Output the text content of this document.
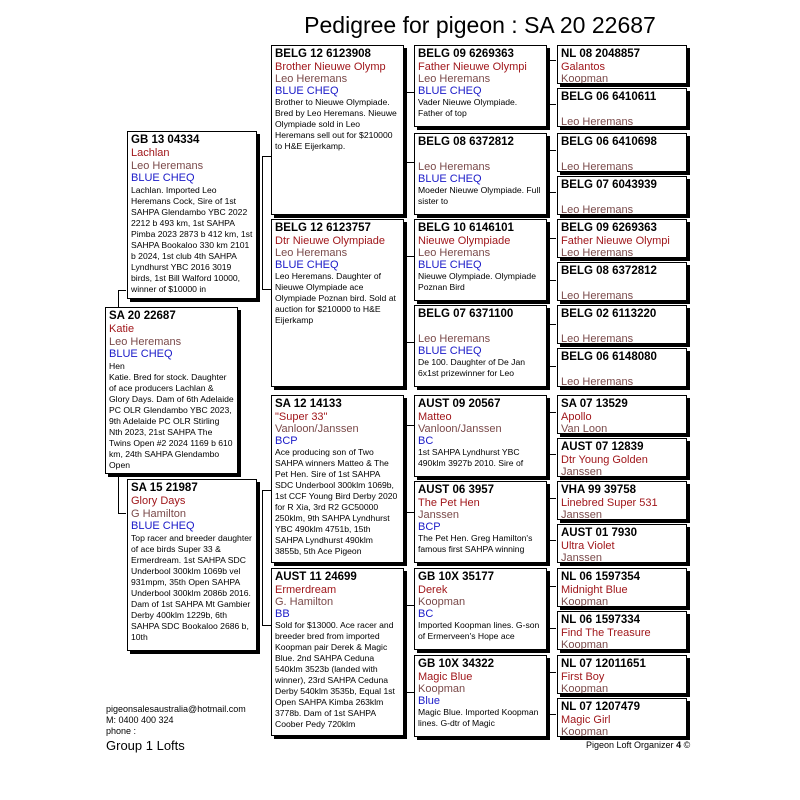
Pedigree for pigeon : SA 20 22687
SA 20 22687
Katie
Leo Heremans
BLUE CHEQ
Hen
Katie. Bred for stock. Daughter of ace producers Lachlan & Glory Days. Dam of 6th Adelaide PC OLR Glendambo YBC 2023, 9th Adelaide PC OLR Stirling Nth 2023, 21st SAHPA The Twins Open #2 2024 1169 b 610 km, 24th SAHPA Glendambo Open
GB 13 04334
Lachlan
Leo Heremans
BLUE CHEQ
Lachlan. Imported Leo Heremans Cock, Sire of 1st SAHPA Glendambo YBC 2022 2212 b 493 km, 1st SAHPA Pimba 2023 2873 b 412 km, 1st SAHPA Bookaloo 330 km 2101 b 2024, 1st club 4th SAHPA Lyndhurst YBC 2016 3019 birds, 1st Bill Walford 10000, winner of $10000 in
SA 15 21987
Glory Days
G Hamilton
BLUE CHEQ
Top racer and breeder daughter of ace birds Super 33 & Ermerdream. 1st SAHPA SDC Underbool 300klm 1069b vel 931mpm, 35th Open SAHPA Underbool 300klm 2086b 2016. Dam of 1st SAHPA Mt Gambier Derby 400klm 1229b, 6th SAHPA SDC Bookaloo 2686 b, 10th
BELG 12 6123908
Brother Nieuwe Olymp
Leo Heremans
BLUE CHEQ
Brother to Nieuwe Olympiade. Bred by Leo Heremans. Nieuwe Olympiade sold in Leo Heremans sell out for $210000 to H&E Eijerkamp.
BELG 12 6123757
Dtr Nieuwe Olympiade
Leo Heremans
BLUE CHEQ
Leo Heremans. Daughter of Nieuwe Olympiade ace Olympiade Poznan bird. Sold at auction for $210000 to H&E Eijerkamp
SA 12 14133
"Super 33"
Vanloon/Janssen
BCP
Ace producing son of Two SAHPA winners Matteo & The Pet Hen. Sire of 1st SAHPA SDC Underbool 300klm 1069b, 1st CCF Young Bird Derby 2020 for R Xia, 3rd R2 GC50000 250klm, 9th SAHPA Lyndhurst YBC 490klm 4751b, 15th SAHPA Lyndhurst 490klm 3855b, 5th Ace Pigeon
AUST 11 24699
Ermerdream
G. Hamilton
BB
Sold for $13000. Ace racer and breeder bred from imported Koopman pair Derek & Magic Blue. 2nd SAHPA Ceduna 540klm 3523b (landed with winner), 23rd SAHPA Ceduna Derby 540klm 3535b, Equal 1st Open SAHPA Kimba 263klm 3778b. Dam of 1st SAHPA Coober Pedy 720klm
BELG 09 6269363
Father Nieuwe Olympi
Leo Heremans
BLUE CHEQ
Vader Nieuwe Olympiade. Father of top
BELG 08 6372812
Leo Heremans
BLUE CHEQ
Moeder Nieuwe Olympiade. Full sister to
BELG 10 6146101
Nieuwe Olympiade
Leo Heremans
BLUE CHEQ
Nieuwe Olympiade. Olympiade Poznan Bird
BELG 07 6371100
Leo Heremans
BLUE CHEQ
De 100. Daughter of De Jan 6x1st prizewinner for Leo
AUST 09 20567
Matteo
Vanloon/Janssen
BC
1st SAHPA Lyndhurst YBC 490klm 3927b 2010. Sire of
AUST 06 3957
The Pet Hen
Janssen
BCP
The Pet Hen. Greg Hamilton's famous first SAHPA winning
GB 10X 35177
Derek
Koopman
BC
Imported Koopman lines. G-son of Ermerveen's Hope ace
GB 10X 34322
Magic Blue
Koopman
Blue
Magic Blue. Imported Koopman lines. G-dtr of Magic
NL 08 2048857
Galantos
Koopman
BELG 06 6410611
Leo Heremans
BELG 06 6410698
Leo Heremans
BELG 07 6043939
Leo Heremans
BELG 09 6269363
Father Nieuwe Olympi
Leo Heremans
BELG 08 6372812
Leo Heremans
BELG 02 6113220
Leo Heremans
BELG 06 6148080
Leo Heremans
SA 07 13529
Apollo
Van Loon
AUST 07 12839
Dtr Young Golden
Janssen
VHA 99 39758
Linebred Super 531
Janssen
AUST 01 7930
Ultra Violet
Janssen
NL 06 1597354
Midnight Blue
Koopman
NL 06 1597334
Find The Treasure
Koopman
NL 07 12011651
First Boy
Koopman
NL 07 1207479
Magic Girl
Koopman
pigeonsalesaustralia@hotmail.com
M: 0400 400 324
phone :
Group 1 Lofts	Pigeon Loft Organizer 4 ©
